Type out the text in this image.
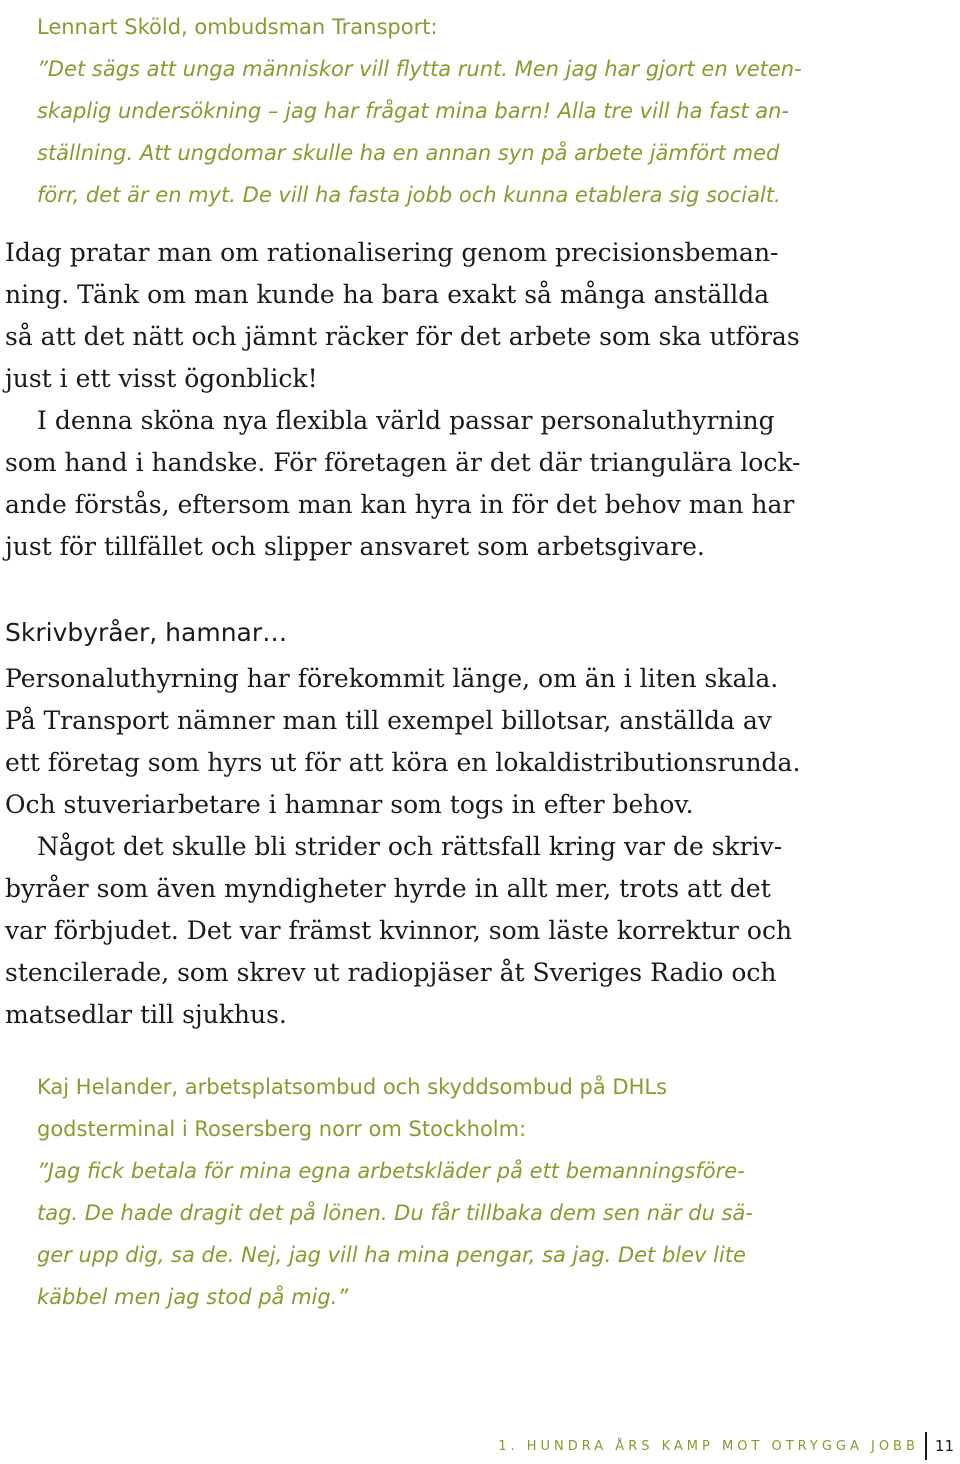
Lennart Sköld, ombudsman Transport:

”Det sägs att unga människor vill flytta runt. Men jag har gjort en veten-

skaplig undersökning – jag har frågat mina barn! Alla tre vill ha fast an-

ställning. Att ungdomar skulle ha en annan syn på arbete jämfört med

förr, det är en myt. De vill ha fasta jobb och kunna etablera sig socialt.

Idag pratar man om rationalisering genom precisionsbeman-
ning. Tänk om man kunde ha bara exakt så många anställda
så att det nätt och jämnt räcker för det arbete som ska utföras
just i ett visst ögonblick!
I denna sköna nya flexibla värld passar personaluthyrning
som hand i handske. För företagen är det där triangulära lock-
ande förstås, eftersom man kan hyra in för det behov man har
just för tillfället och slipper ansvaret som arbetsgivare.
Skrivbyråer, hamnar…
Personaluthyrning har förekommit länge, om än i liten skala.
På Transport nämner man till exempel billotsar, anställda av
ett företag som hyrs ut för att köra en lokaldistributionsrunda.
Och stuveriarbetare i hamnar som togs in efter behov.
Något det skulle bli strider och rättsfall kring var de skriv-
byråer som även myndigheter hyrde in allt mer, trots att det
var förbjudet. Det var främst kvinnor, som läste korrektur och
stencilerade, som skrev ut radiopjäser åt Sveriges Radio och
matsedlar till sjukhus.

Kaj Helander, arbetsplatsombud och skyddsombud på DHLs

godsterminal i Rosersberg norr om Stockholm:

”Jag fick betala för mina egna arbetskläder på ett bemanningsföre-

tag. De hade dragit det på lönen. Du får tillbaka dem sen när du sä-

ger upp dig, sa de. Nej, jag vill ha mina pengar, sa jag. Det blev lite

käbbel men jag stod på mig.”

1. HUNDRA ÅRS KAMP MOT OTRYGGA JOBB 11
